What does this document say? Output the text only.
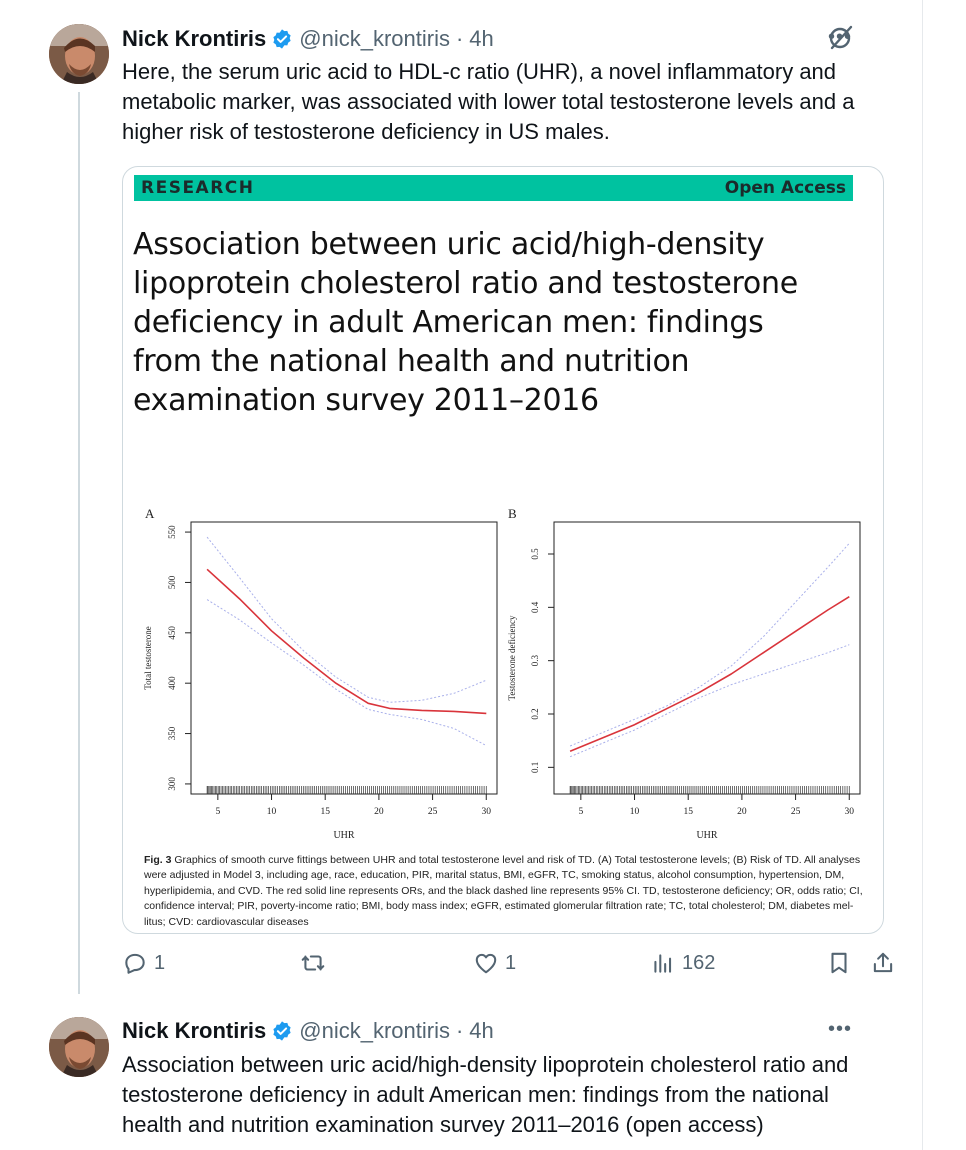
Nick Krontiris @nick_krontiris · 4h	•••
Here, the serum uric acid to HDL-c ratio (UHR), a novel inflammatory and
metabolic marker, was associated with lower total testosterone levels and a
higher risk of testosterone deficiency in US males.
RESEARCH	Open Access
Association between uric acid/high-density
lipoprotein cholesterol ratio and testosterone
deficiency in adult American men: findings
from the national health and nutrition
examination survey 2011–2016
A
300
350
400
450
500
550
5	10	15	20	25	30
UHR
Total testosterone
B
0.1
0.2
0.3
0.4
0.5
5	10	15	20	25	30
UHR
Testosterone deficiency
Fig. 3 Graphics of smooth curve fittings between UHR and total testosterone level and risk of TD. (A) Total testosterone levels; (B) Risk of TD. All analyses
were adjusted in Model 3, including age, race, education, PIR, marital status, BMI, eGFR, TC, smoking status, alcohol consumption, hypertension, DM,
hyperlipidemia, and CVD. The red solid line represents ORs, and the black dashed line represents 95% CI. TD, testosterone deficiency; OR, odds ratio; CI,
confidence interval; PIR, poverty-income ratio; BMI, body mass index; eGFR, estimated glomerular filtration rate; TC, total cholesterol; DM, diabetes mel-
litus; CVD: cardiovascular diseases
1	1	162
Nick Krontiris @nick_krontiris · 4h	•••
Association between uric acid/high-density lipoprotein cholesterol ratio and
testosterone deficiency in adult American men: findings from the national
health and nutrition examination survey 2011–2016 (open access)
